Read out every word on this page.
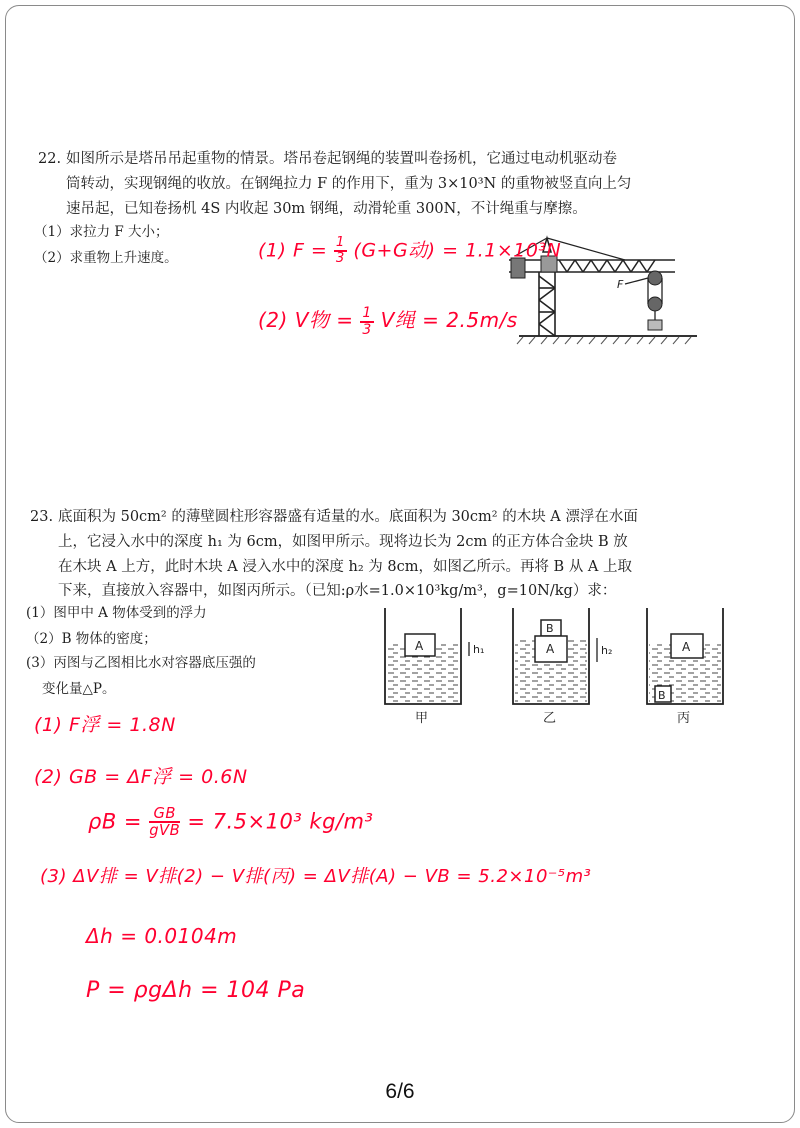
22. 如图所示是塔吊吊起重物的情景。塔吊卷起钢绳的装置叫卷扬机，它通过电动机驱动卷
筒转动，实现钢绳的收放。在钢绳拉力 F 的作用下，重为 3×10³N 的重物被竖直向上匀
速吊起，已知卷扬机 4S 内收起 30m 钢绳，动滑轮重 300N，不计绳重与摩擦。
（1）求拉力 F 大小；
（2）求重物上升速度。
F
(1) $F = \frac{1}{3} (G+G$动) = 1.1×10³N
(2) V物 = $\frac{1}{3}$ V绳 = 2.5m/s
23. 底面积为 50cm² 的薄壁圆柱形容器盛有适量的水。底面积为 30cm² 的木块 A 漂浮在水面
上，它浸入水中的深度 h₁ 为 6cm，如图甲所示。现将边长为 2cm 的正方体合金块 B 放
在木块 A 上方，此时木块 A 浸入水中的深度 h₂ 为 8cm，如图乙所示。再将 B 从 A 上取
下来，直接放入容器中，如图丙所示。（已知:ρ水=1.0×10³kg/m³，g=10N/kg）求：
(1）图甲中 A 物体受到的浮力
（2）B 物体的密度；
(3）丙图与乙图相比水对容器底压强的
变化量△P。
A	h₁
甲
B
A	h₂
乙
A
B
丙
(1) F浮 = 1.8N
(2) GB = ΔF浮 = 0.6N
$\rho B = \frac{GB}{\text{gVB}} = 7.5\times 10^3$ kg/m³
(3) ΔV排 = V排(2) − V排(丙) = ΔV排(A) − VB = 5.2×10⁻⁵m³
Δh = 0.0104m
P = ρgΔh = 104 Pa
6/6
